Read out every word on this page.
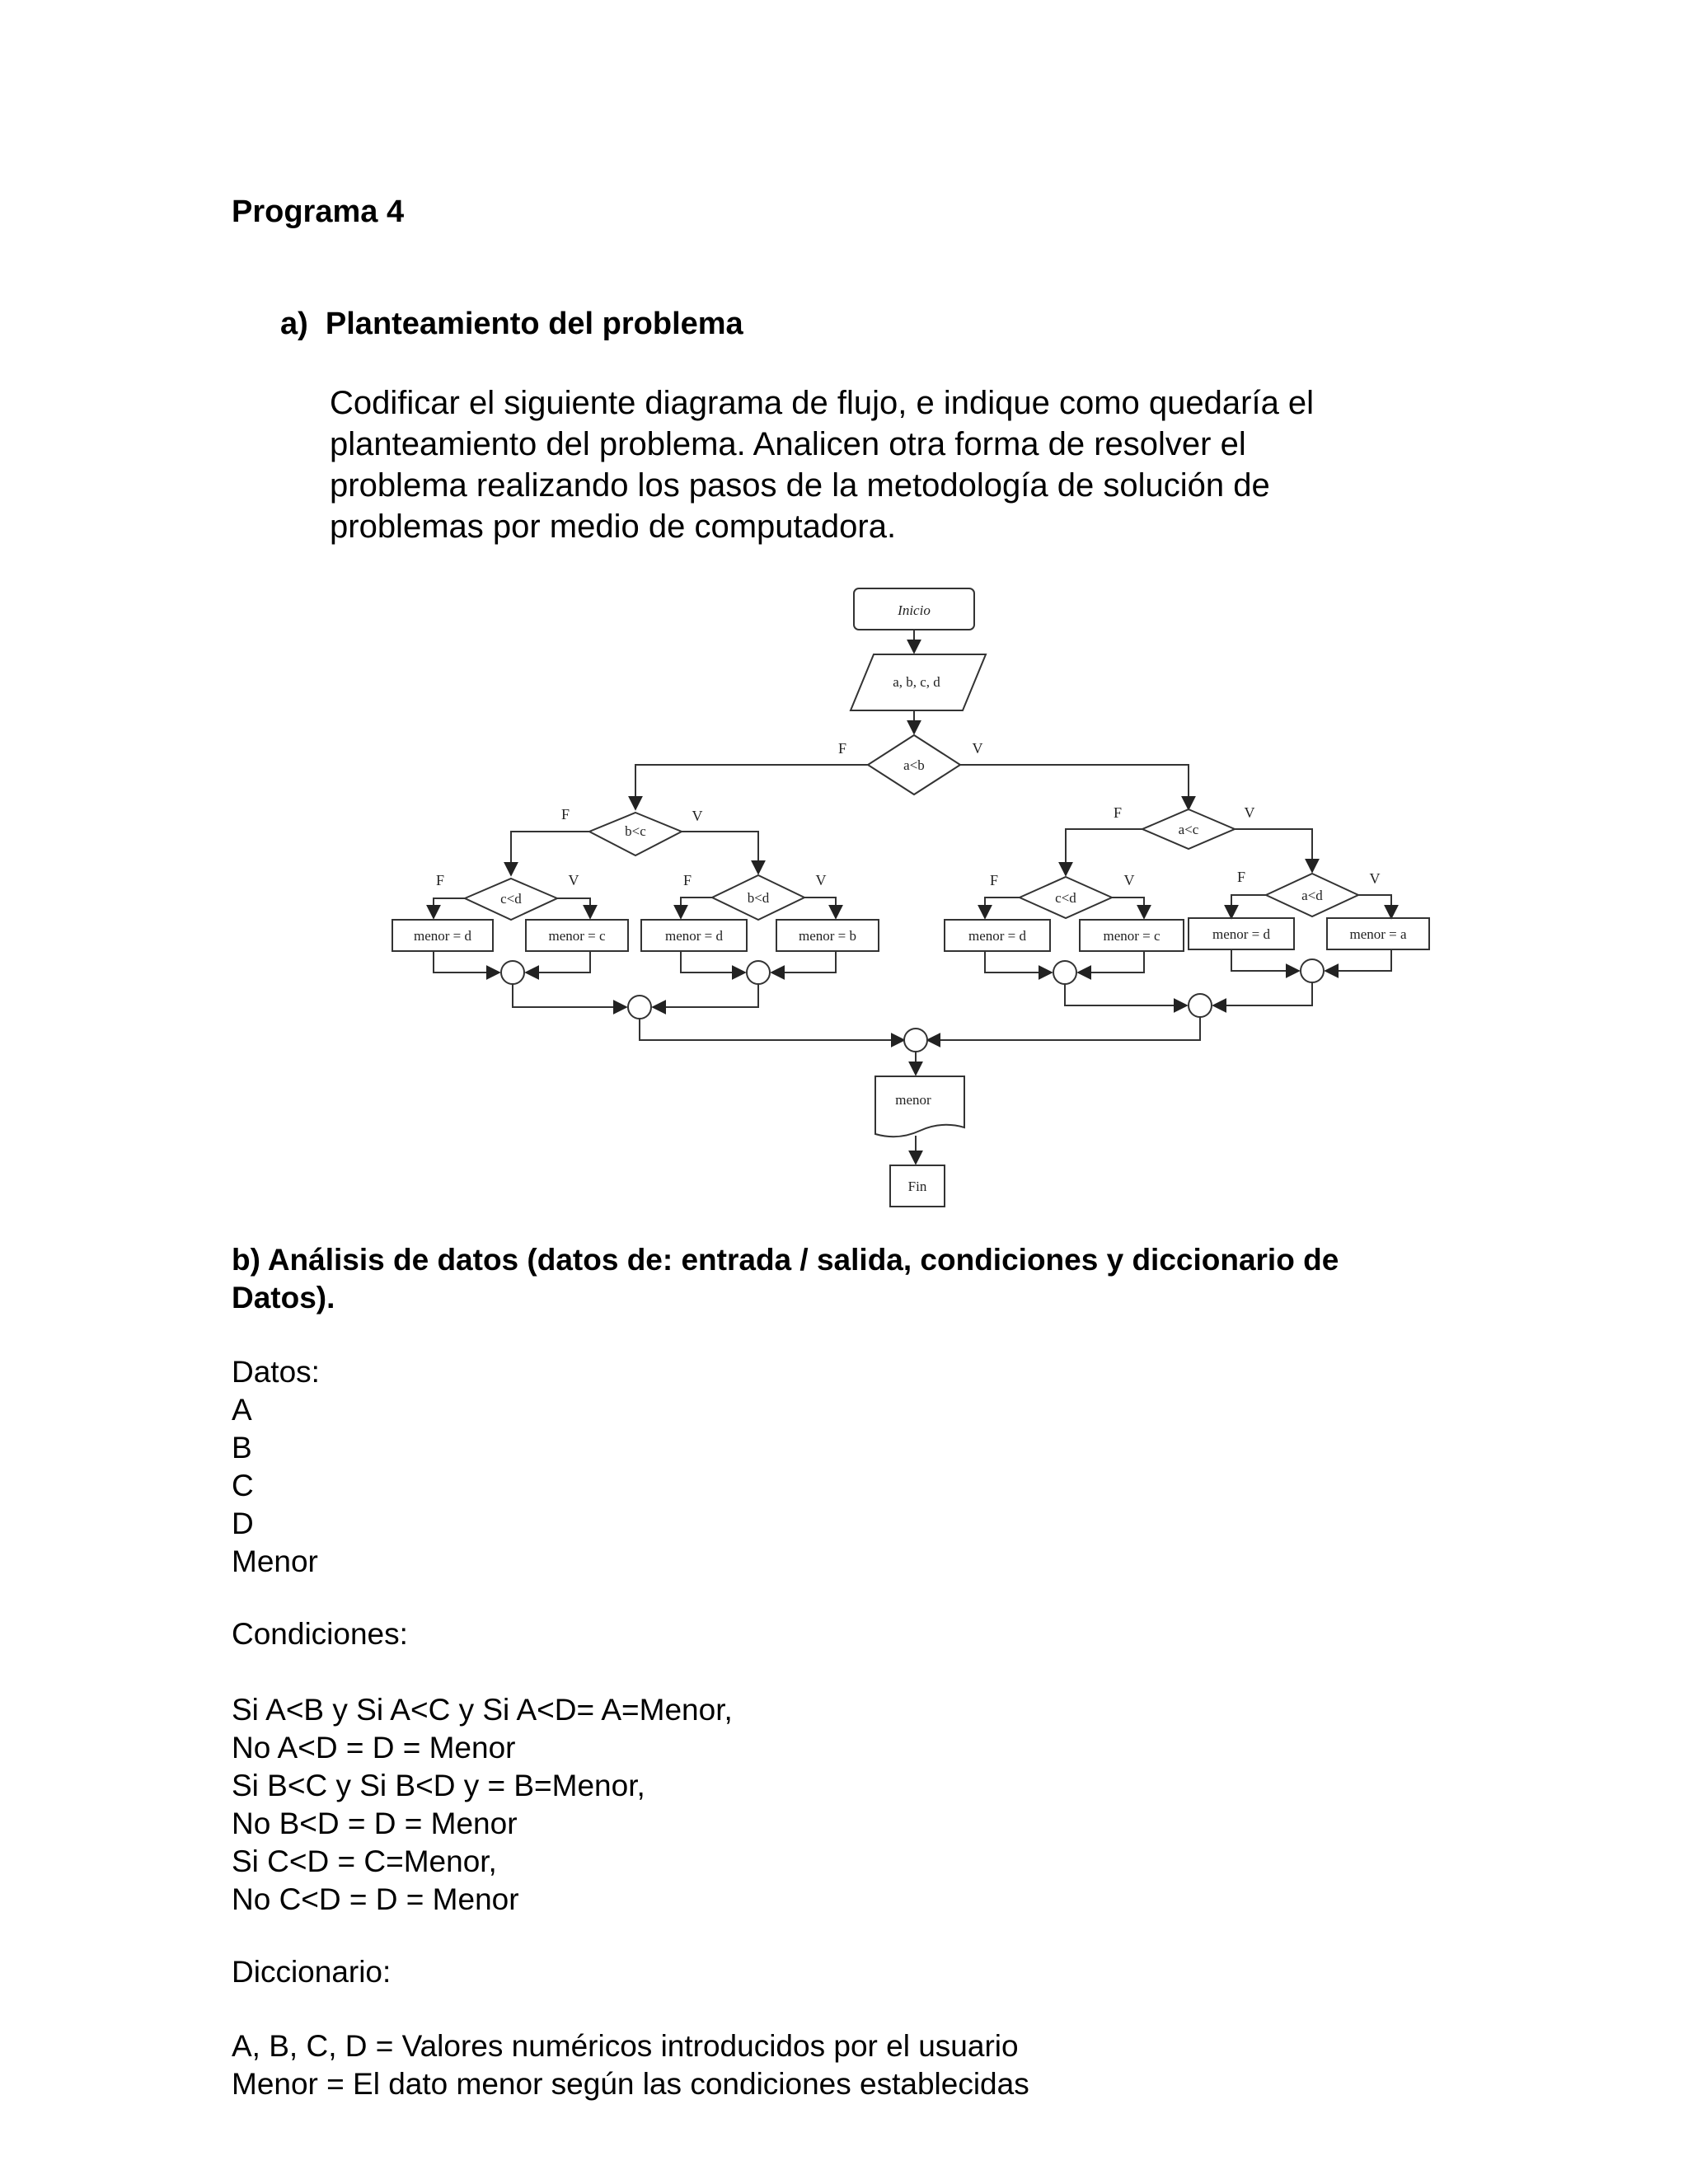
Programa 4
a)  Planteamiento del problema
Codificar el siguiente diagrama de flujo, e indique como quedaría el
planteamiento del problema. Analicen otra forma de resolver el
problema realizando los pasos de la metodología de solución de
problemas por medio de computadora.
Inicio
a, b, c, d
a<b
F	V
b<c
F	V
a<c
F	V
c<d
F	V
b<d
F	V
c<d
F	V
a<d
F	V
menor = d	menor = c	menor = d	menor = b	menor = d	menor = c	menor = d	menor = a
menor
Fin
b) Análisis de datos (datos de: entrada / salida, condiciones y diccionario de
Datos).
Datos:
A
B
C
D
Menor
Condiciones:
Si A<B y Si A<C y Si A<D= A=Menor,
No A<D = D = Menor
Si B<C y Si B<D y = B=Menor,
No B<D = D = Menor
Si C<D = C=Menor,
No C<D = D = Menor
Diccionario:
A, B, C, D = Valores numéricos introducidos por el usuario
Menor = El dato menor según las condiciones establecidas
